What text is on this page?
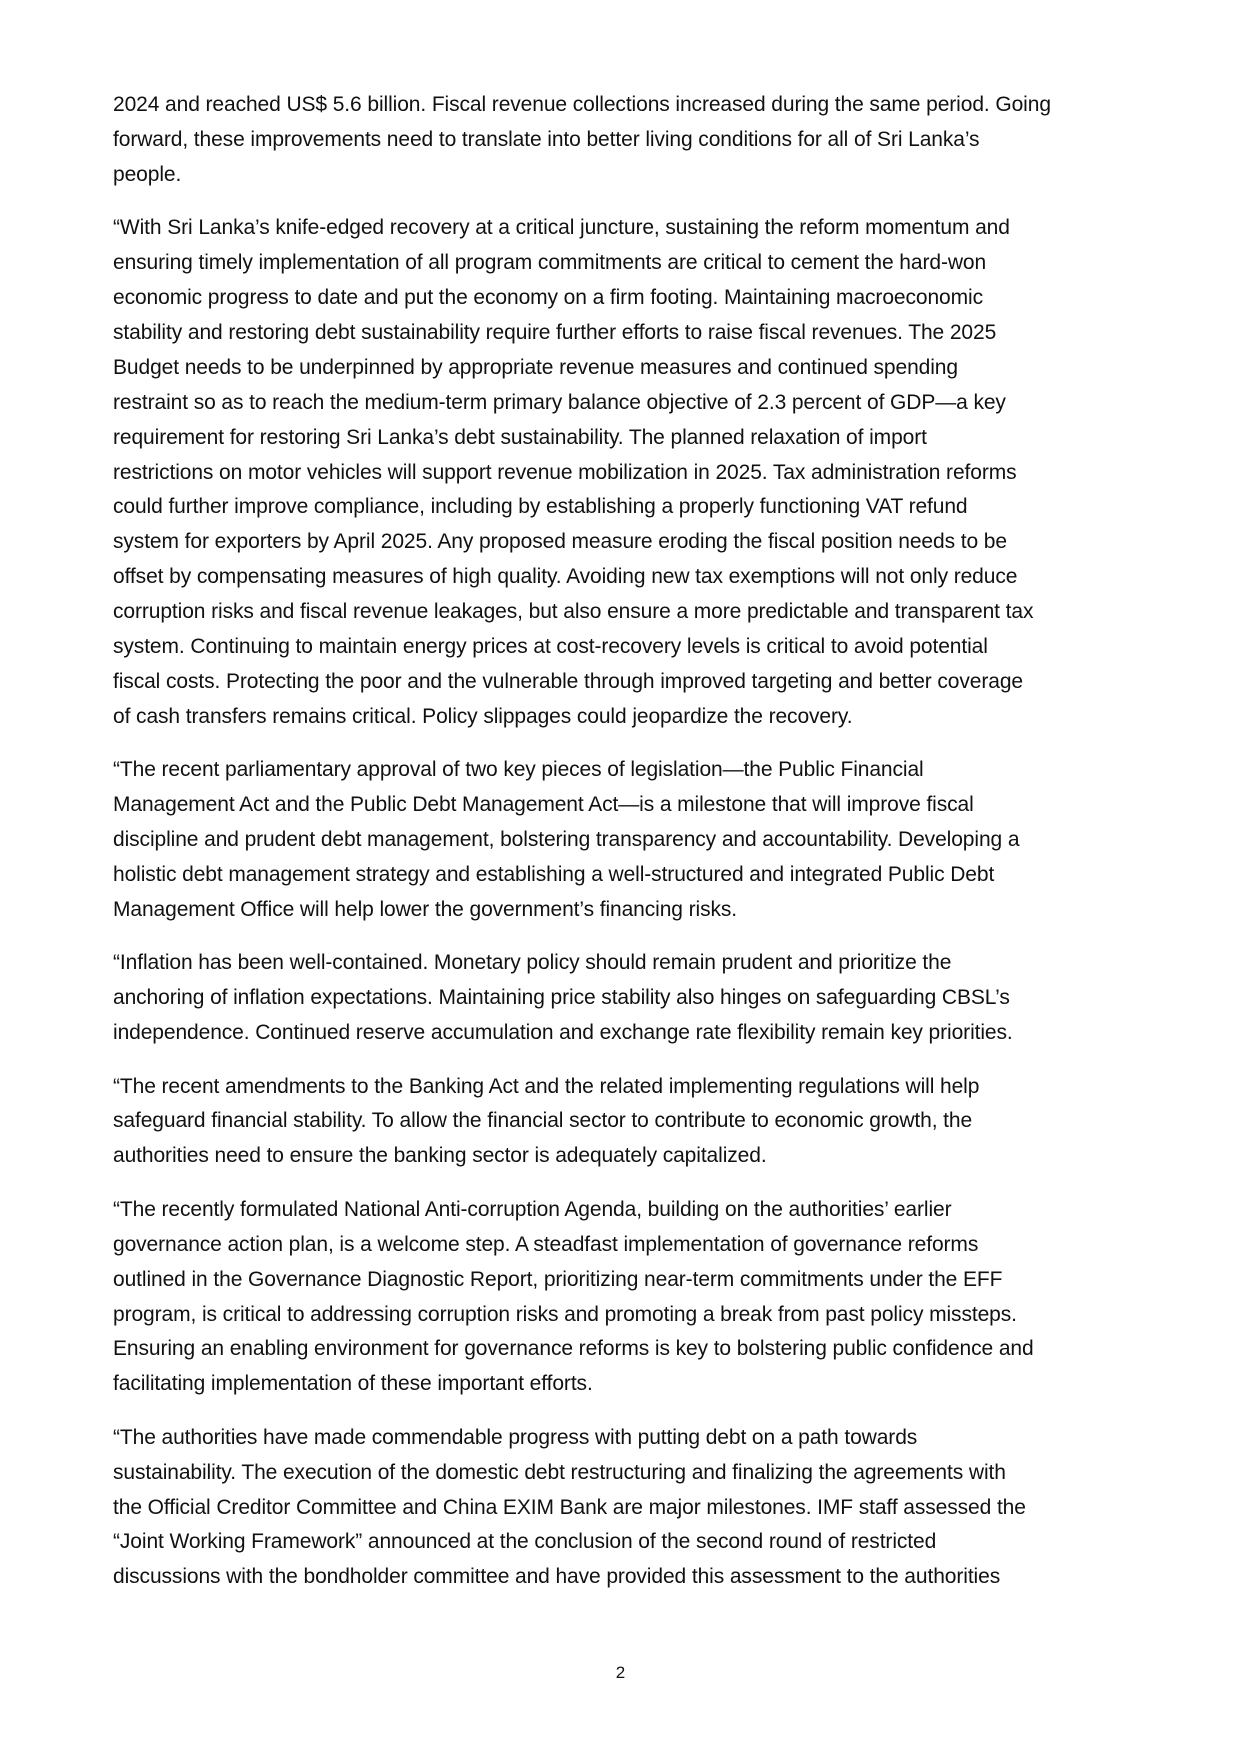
2024 and reached US$ 5.6 billion. Fiscal revenue collections increased during the same period. Going
forward, these improvements need to translate into better living conditions for all of Sri Lanka’s
people.

“With Sri Lanka’s knife-edged recovery at a critical juncture, sustaining the reform momentum and
ensuring timely implementation of all program commitments are critical to cement the hard-won
economic progress to date and put the economy on a firm footing. Maintaining macroeconomic
stability and restoring debt sustainability require further efforts to raise fiscal revenues. The 2025
Budget needs to be underpinned by appropriate revenue measures and continued spending
restraint so as to reach the medium-term primary balance objective of 2.3 percent of GDP—a key
requirement for restoring Sri Lanka’s debt sustainability. The planned relaxation of import
restrictions on motor vehicles will support revenue mobilization in 2025. Tax administration reforms
could further improve compliance, including by establishing a properly functioning VAT refund
system for exporters by April 2025. Any proposed measure eroding the fiscal position needs to be
offset by compensating measures of high quality. Avoiding new tax exemptions will not only reduce
corruption risks and fiscal revenue leakages, but also ensure a more predictable and transparent tax
system. Continuing to maintain energy prices at cost-recovery levels is critical to avoid potential
fiscal costs. Protecting the poor and the vulnerable through improved targeting and better coverage
of cash transfers remains critical. Policy slippages could jeopardize the recovery.

“The recent parliamentary approval of two key pieces of legislation—the Public Financial
Management Act and the Public Debt Management Act—is a milestone that will improve fiscal
discipline and prudent debt management, bolstering transparency and accountability. Developing a
holistic debt management strategy and establishing a well-structured and integrated Public Debt
Management Office will help lower the government’s financing risks.

“Inflation has been well-contained. Monetary policy should remain prudent and prioritize the
anchoring of inflation expectations. Maintaining price stability also hinges on safeguarding CBSL’s
independence. Continued reserve accumulation and exchange rate flexibility remain key priorities.

“The recent amendments to the Banking Act and the related implementing regulations will help
safeguard financial stability. To allow the financial sector to contribute to economic growth, the
authorities need to ensure the banking sector is adequately capitalized.

“The recently formulated National Anti-corruption Agenda, building on the authorities’ earlier
governance action plan, is a welcome step. A steadfast implementation of governance reforms
outlined in the Governance Diagnostic Report, prioritizing near-term commitments under the EFF
program, is critical to addressing corruption risks and promoting a break from past policy missteps.
Ensuring an enabling environment for governance reforms is key to bolstering public confidence and
facilitating implementation of these important efforts.

“The authorities have made commendable progress with putting debt on a path towards
sustainability. The execution of the domestic debt restructuring and finalizing the agreements with
the Official Creditor Committee and China EXIM Bank are major milestones. IMF staff assessed the
“Joint Working Framework” announced at the conclusion of the second round of restricted
discussions with the bondholder committee and have provided this assessment to the authorities

2
